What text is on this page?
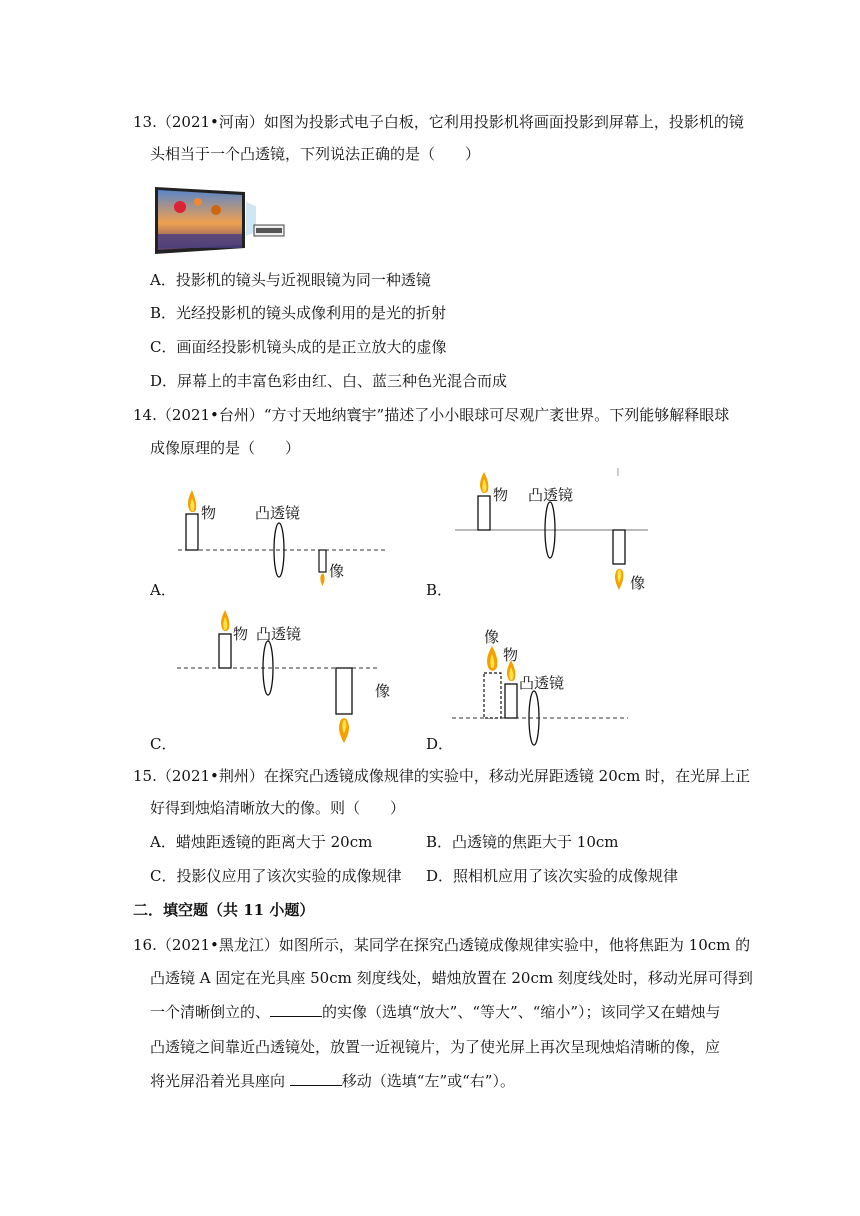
13.（2021•河南）如图为投影式电子白板，它利用投影机将画面投影到屏幕上，投影机的镜
头相当于一个凸透镜，下列说法正确的是（　　）
A．投影机的镜头与近视眼镜为同一种透镜
B．光经投影机的镜头成像利用的是光的折射
C．画面经投影机镜头成的是正立放大的虚像
D．屏幕上的丰富色彩由红、白、蓝三种色光混合而成
14.（2021•台州）“方寸天地纳寰宇”描述了小小眼球可尽观广袤世界。下列能够解释眼球
成像原理的是（　　）
物	凸透镜
像
A．
物 凸透镜
像
B．
物 凸透镜
像
C．
像
物
凸透镜
D．
15.（2021•荆州）在探究凸透镜成像规律的实验中，移动光屏距透镜 20cm 时，在光屏上正
好得到烛焰清晰放大的像。则（　　）
A．蜡烛距透镜的距离大于 20cm	B．凸透镜的焦距大于 10cm
C．投影仪应用了该次实验的成像规律 D．照相机应用了该次实验的成像规律
二．填空题（共 11 小题）
16.（2021•黑龙江）如图所示，某同学在探究凸透镜成像规律实验中，他将焦距为 10cm 的
凸透镜 A 固定在光具座 50cm 刻度线处，蜡烛放置在 20cm 刻度线处时，移动光屏可得到
一个清晰倒立的、	的实像（选填“放大”、“等大”、“缩小”）；该同学又在蜡烛与
凸透镜之间靠近凸透镜处，放置一近视镜片，为了使光屏上再次呈现烛焰清晰的像，应
将光屏沿着光具座向	移动（选填“左”或“右”）。
